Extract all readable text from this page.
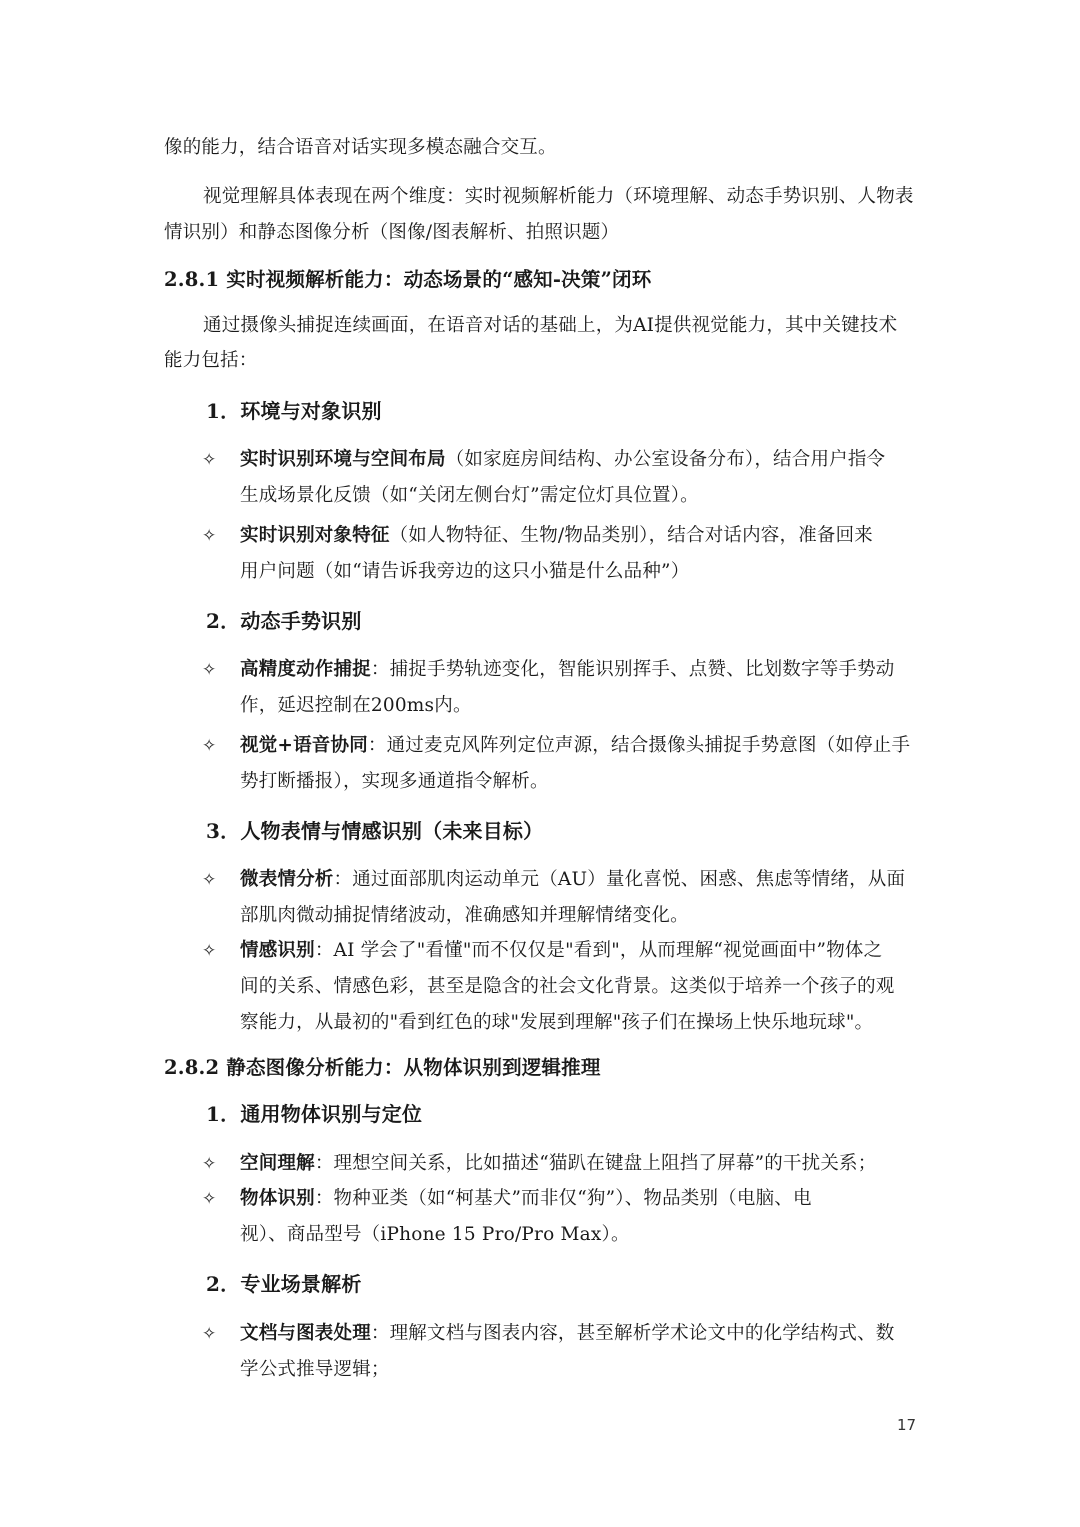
像的能力，结合语音对话实现多模态融合交互。
视觉理解具体表现在两个维度：实时视频解析能力（环境理解、动态手势识别、人物表
情识别）和静态图像分析（图像/图表解析、拍照识题）
2.8.1 实时视频解析能力：动态场景的“感知-决策”闭环
通过摄像头捕捉连续画面，在语音对话的基础上，为AI提供视觉能力，其中关键技术
能力包括：
1．环境与对象识别
✧ 实时识别环境与空间布局（如家庭房间结构、办公室设备分布），结合用户指令
生成场景化反馈（如“关闭左侧台灯”需定位灯具位置）。
✧ 实时识别对象特征（如人物特征、生物/物品类别），结合对话内容，准备回来
用户问题（如“请告诉我旁边的这只小猫是什么品种”）
2．动态手势识别
✧ 高精度动作捕捉：捕捉手势轨迹变化，智能识别挥手、点赞、比划数字等手势动
作，延迟控制在200ms内。
✧ 视觉+语音协同：通过麦克风阵列定位声源，结合摄像头捕捉手势意图（如停止手
势打断播报），实现多通道指令解析。
3．人物表情与情感识别（未来目标）
✧ 微表情分析：通过面部肌肉运动单元（AU）量化喜悦、困惑、焦虑等情绪，从面
部肌肉微动捕捉情绪波动，准确感知并理解情绪变化。
✧ 情感识别：AI 学会了"看懂"而不仅仅是"看到"，从而理解“视觉画面中”物体之
间的关系、情感色彩，甚至是隐含的社会文化背景。这类似于培养一个孩子的观
察能力，从最初的"看到红色的球"发展到理解"孩子们在操场上快乐地玩球"。
2.8.2 静态图像分析能力：从物体识别到逻辑推理
1．通用物体识别与定位
✧ 空间理解：理想空间关系，比如描述“猫趴在键盘上阻挡了屏幕”的干扰关系；
✧ 物体识别：物种亚类（如“柯基犬”而非仅“狗”）、物品类别（电脑、电
视）、商品型号（iPhone 15 Pro/Pro Max）。
2．专业场景解析
✧ 文档与图表处理：理解文档与图表内容，甚至解析学术论文中的化学结构式、数
学公式推导逻辑；
17
